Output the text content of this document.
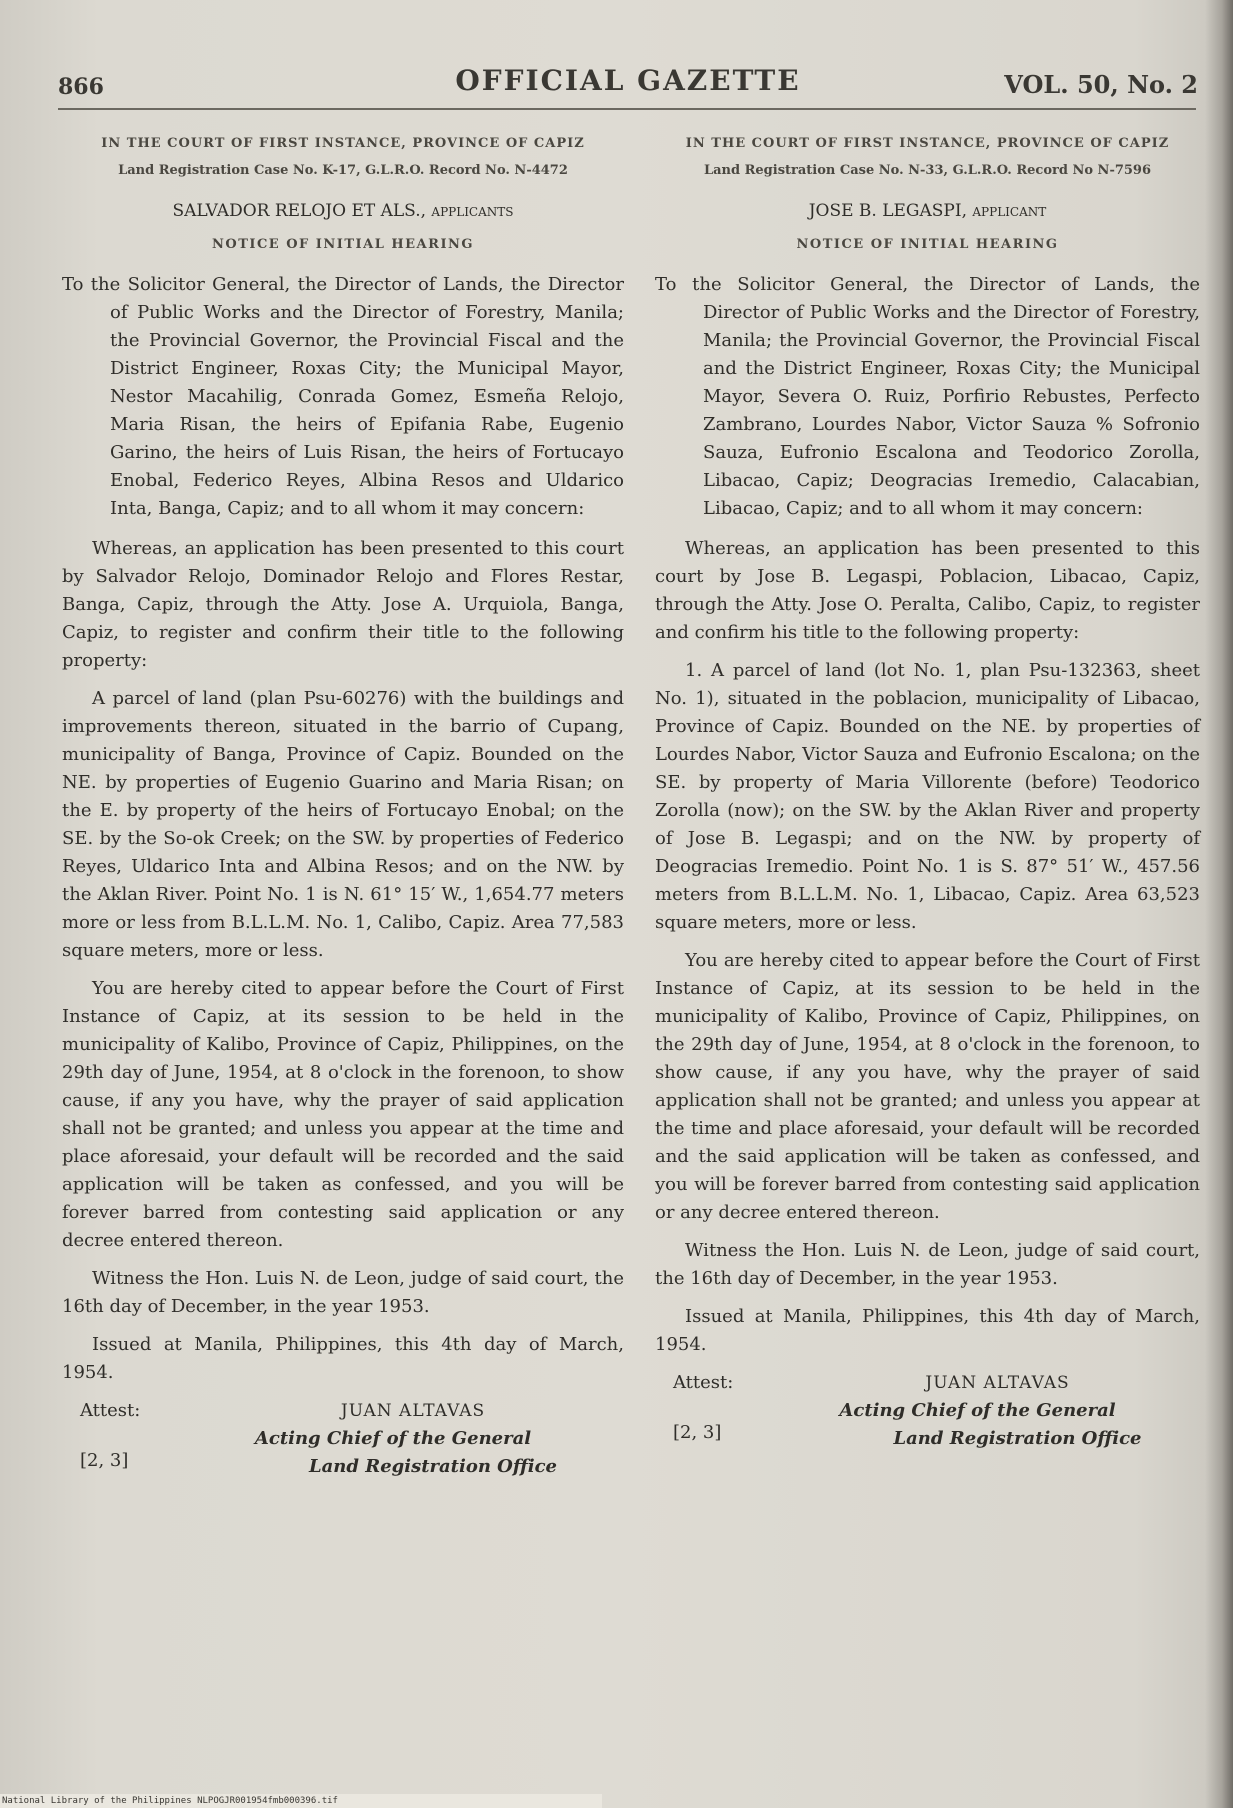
866	OFFICIAL GAZETTE	VOL. 50, No. 2
IN THE COURT OF FIRST INSTANCE, PROVINCE OF CAPIZ
Land Registration Case No. K-17, G.L.R.O. Record No. N-4472
SALVADOR RELOJO ET ALS., applicants
NOTICE OF INITIAL HEARING
To the Solicitor General, the Director of Lands, the Director of Public Works and the Director of Forestry, Manila; the Provincial Governor, the Provincial Fiscal and the District Engineer, Roxas City; the Municipal Mayor, Nestor Macahilig, Conrada Gomez, Esmeña Relojo, Maria Risan, the heirs of Epifania Rabe, Eugenio Garino, the heirs of Luis Risan, the heirs of Fortucayo Enobal, Federico Reyes, Albina Resos and Uldarico Inta, Banga, Capiz; and to all whom it may concern:

Whereas, an application has been presented to this court by Salvador Relojo, Dominador Relojo and Flores Restar, Banga, Capiz, through the Atty. Jose A. Urquiola, Banga, Capiz, to register and confirm their title to the following property:

A parcel of land (plan Psu-60276) with the buildings and improvements thereon, situated in the barrio of Cupang, municipality of Banga, Province of Capiz. Bounded on the NE. by properties of Eugenio Guarino and Maria Risan; on the E. by property of the heirs of Fortucayo Enobal; on the SE. by the So-ok Creek; on the SW. by properties of Federico Reyes, Uldarico Inta and Albina Resos; and on the NW. by the Aklan River. Point No. 1 is N. 61° 15′ W., 1,654.77 meters more or less from B.L.L.M. No. 1, Calibo, Capiz. Area 77,583 square meters, more or less.

You are hereby cited to appear before the Court of First Instance of Capiz, at its session to be held in the municipality of Kalibo, Province of Capiz, Philippines, on the 29th day of June, 1954, at 8 o'clock in the forenoon, to show cause, if any you have, why the prayer of said application shall not be granted; and unless you appear at the time and place aforesaid, your default will be recorded and the said application will be taken as confessed, and you will be forever barred from contesting said application or any decree entered thereon.

Witness the Hon. Luis N. de Leon, judge of said court, the 16th day of December, in the year 1953.

Issued at Manila, Philippines, this 4th day of March, 1954.

Attest:
[2, 3]
JUAN ALTAVAS
Acting Chief of the General
Land Registration Office
IN THE COURT OF FIRST INSTANCE, PROVINCE OF CAPIZ
Land Registration Case No. N-33, G.L.R.O. Record No N-7596
JOSE B. LEGASPI, applicant
NOTICE OF INITIAL HEARING
To the Solicitor General, the Director of Lands, the Director of Public Works and the Director of Forestry, Manila; the Provincial Governor, the Provincial Fiscal and the District Engineer, Roxas City; the Municipal Mayor, Severa O. Ruiz, Porfirio Rebustes, Perfecto Zambrano, Lourdes Nabor, Victor Sauza % Sofronio Sauza, Eufronio Escalona and Teodorico Zorolla, Libacao, Capiz; Deogracias Iremedio, Calacabian, Libacao, Capiz; and to all whom it may concern:

Whereas, an application has been presented to this court by Jose B. Legaspi, Poblacion, Libacao, Capiz, through the Atty. Jose O. Peralta, Calibo, Capiz, to register and confirm his title to the following property:

1. A parcel of land (lot No. 1, plan Psu-132363, sheet No. 1), situated in the poblacion, municipality of Libacao, Province of Capiz. Bounded on the NE. by properties of Lourdes Nabor, Victor Sauza and Eufronio Escalona; on the SE. by property of Maria Villorente (before) Teodorico Zorolla (now); on the SW. by the Aklan River and property of Jose B. Legaspi; and on the NW. by property of Deogracias Iremedio. Point No. 1 is S. 87° 51′ W., 457.56 meters from B.L.L.M. No. 1, Libacao, Capiz. Area 63,523 square meters, more or less.

You are hereby cited to appear before the Court of First Instance of Capiz, at its session to be held in the municipality of Kalibo, Province of Capiz, Philippines, on the 29th day of June, 1954, at 8 o'clock in the forenoon, to show cause, if any you have, why the prayer of said application shall not be granted; and unless you appear at the time and place aforesaid, your default will be recorded and the said application will be taken as confessed, and you will be forever barred from contesting said application or any decree entered thereon.

Witness the Hon. Luis N. de Leon, judge of said court, the 16th day of December, in the year 1953.

Issued at Manila, Philippines, this 4th day of March, 1954.

Attest:
[2, 3]
JUAN ALTAVAS
Acting Chief of the General
Land Registration Office
National Library of the Philippines NLPOGJR001954fmb000396.tif
